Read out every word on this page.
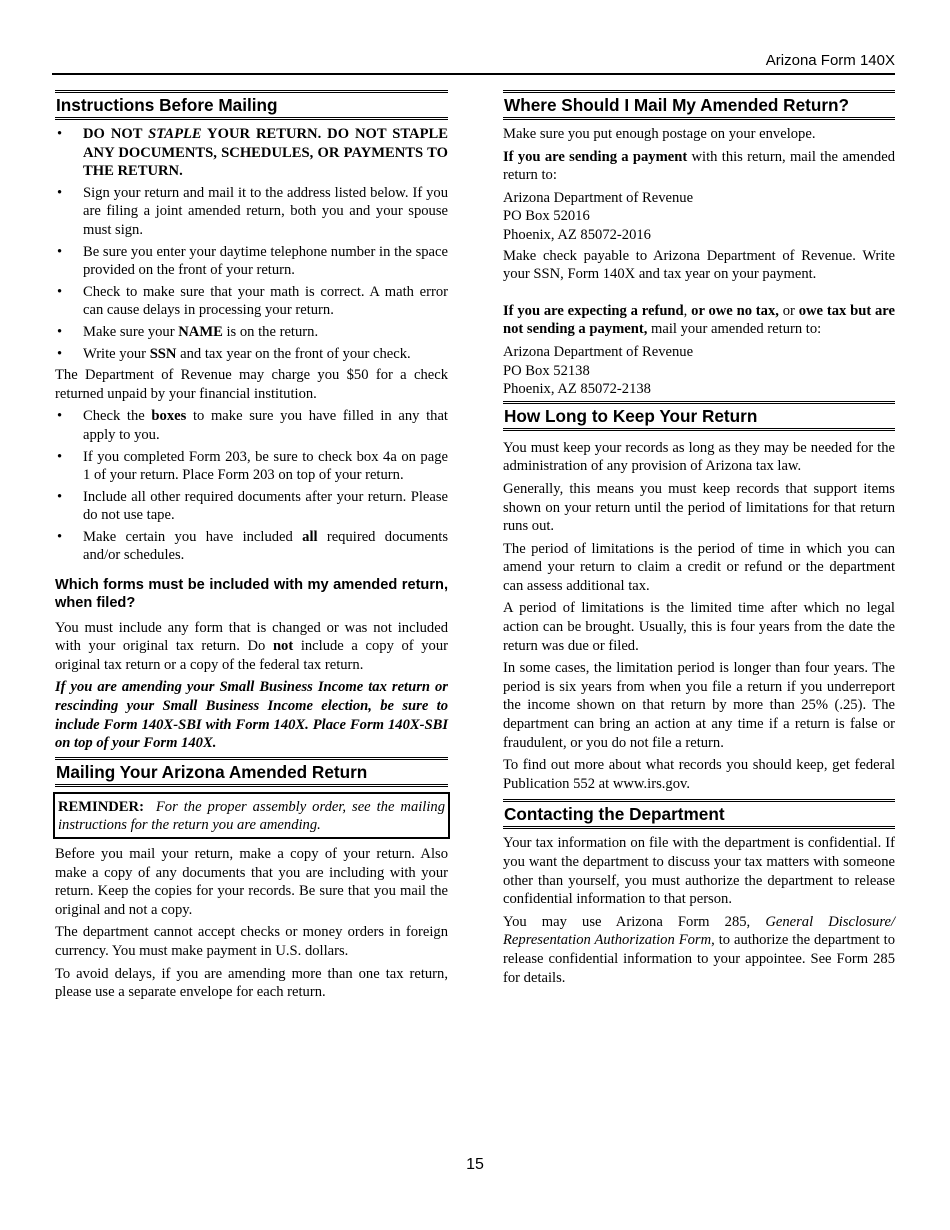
Arizona Form 140X
Instructions Before Mailing
• DO NOT STAPLE YOUR RETURN. DO NOT STAPLE ANY DOCUMENTS, SCHEDULES, OR PAYMENTS TO THE RETURN.
• Sign your return and mail it to the address listed below. If you are filing a joint amended return, both you and your spouse must sign.
• Be sure you enter your daytime telephone number in the space provided on the front of your return.
• Check to make sure that your math is correct. A math error can cause delays in processing your return.
• Make sure your NAME is on the return.
• Write your SSN and tax year on the front of your check.

The Department of Revenue may charge you $50 for a check returned unpaid by your financial institution.

• Check the boxes to make sure you have filled in any that apply to you.
• If you completed Form 203, be sure to check box 4a on page 1 of your return. Place Form 203 on top of your return.
• Include all other required documents after your return. Please do not use tape.
• Make certain you have included all required documents and/or schedules.
Which forms must be included with my amended return, when filed?

You must include any form that is changed or was not included with your original tax return. Do not include a copy of your original tax return or a copy of the federal tax return.

If you are amending your Small Business Income tax return or rescinding your Small Business Income election, be sure to include Form 140X-SBI with Form 140X. Place Form 140X-SBI on top of your Form 140X.

Mailing Your Arizona Amended Return
REMINDER: For the proper assembly order, see the mailing instructions for the return you are amending.

Before you mail your return, make a copy of your return. Also make a copy of any documents that you are including with your return. Keep the copies for your records. Be sure that you mail the original and not a copy.

The department cannot accept checks or money orders in foreign currency. You must make payment in U.S. dollars.

To avoid delays, if you are amending more than one tax return, please use a separate envelope for each return.

Where Should I Mail My Amended Return?

Make sure you put enough postage on your envelope.

If you are sending a payment with this return, mail the amended return to:

Arizona Department of Revenue

PO Box 52016

Phoenix, AZ 85072-2016

Make check payable to Arizona Department of Revenue. Write your SSN, Form 140X and tax year on your payment.

If you are expecting a refund, or owe no tax, or owe tax but are not sending a payment, mail your amended return to:

Arizona Department of Revenue

PO Box 52138

Phoenix, AZ 85072-2138

How Long to Keep Your Return

You must keep your records as long as they may be needed for the administration of any provision of Arizona tax law.

Generally, this means you must keep records that support items shown on your return until the period of limitations for that return runs out.

The period of limitations is the period of time in which you can amend your return to claim a credit or refund or the department can assess additional tax.

A period of limitations is the limited time after which no legal action can be brought. Usually, this is four years from the date the return was due or filed.

In some cases, the limitation period is longer than four years. The period is six years from when you file a return if you underreport the income shown on that return by more than 25% (.25). The department can bring an action at any time if a return is false or fraudulent, or you do not file a return.

To find out more about what records you should keep, get federal Publication 552 at www.irs.gov.

Contacting the Department

Your tax information on file with the department is confidential. If you want the department to discuss your tax matters with someone other than yourself, you must authorize the department to release confidential information to that person.

You may use Arizona Form 285, General Disclosure/ Representation Authorization Form, to authorize the department to release confidential information to your appointee. See Form 285 for details.

15
